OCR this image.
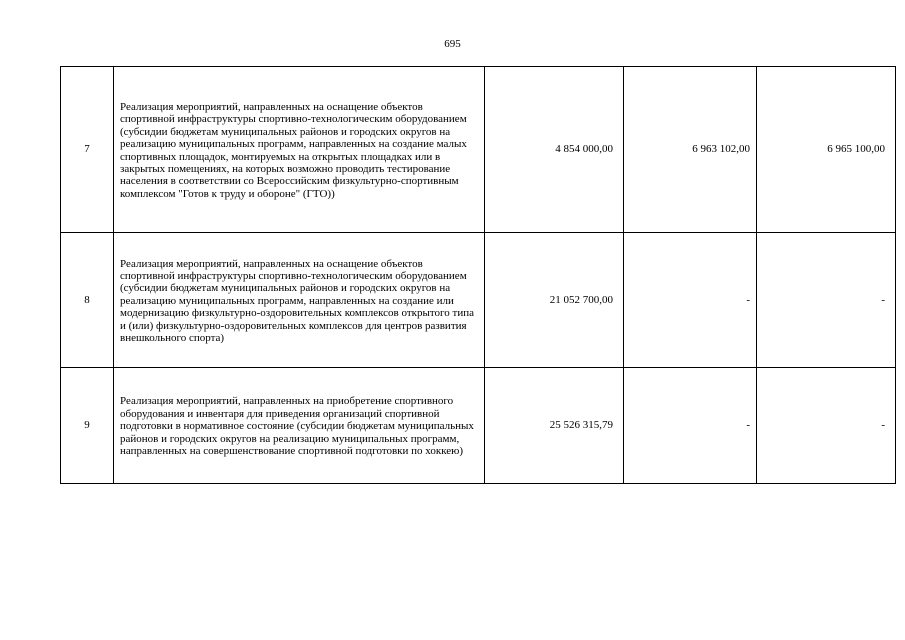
695
7	Реализация мероприятий, направленных на оснащение объектов спортивной инфраструктуры спортивно-технологическим оборудованием (субсидии бюджетам муниципальных районов и городских округов на реализацию муниципальных программ, направленных на создание малых спортивных площадок, монтируемых на открытых площадках или в закрытых помещениях, на которых возможно проводить тестирование населения в соответствии со Всероссийским физкультурно-спортивным комплексом "Готов к труду и обороне" (ГТО))	4 854 000,00	6 963 102,00	6 965 100,00
8	Реализация мероприятий, направленных на оснащение объектов спортивной инфраструктуры спортивно-технологическим оборудованием (субсидии бюджетам муниципальных районов и городских округов на реализацию муниципальных программ, направленных на создание или модернизацию физкультурно-оздоровительных комплексов открытого типа и (или) физкультурно-оздоровительных комплексов для центров развития внешкольного спорта)	21 052 700,00	-	-
9	Реализация мероприятий, направленных на приобретение спортивного оборудования и инвентаря для приведения организаций спортивной подготовки в нормативное состояние (субсидии бюджетам муниципальных районов и городских округов на реализацию муниципальных программ, направленных на совершенствование спортивной подготовки по хоккею)	25 526 315,79	-	-
